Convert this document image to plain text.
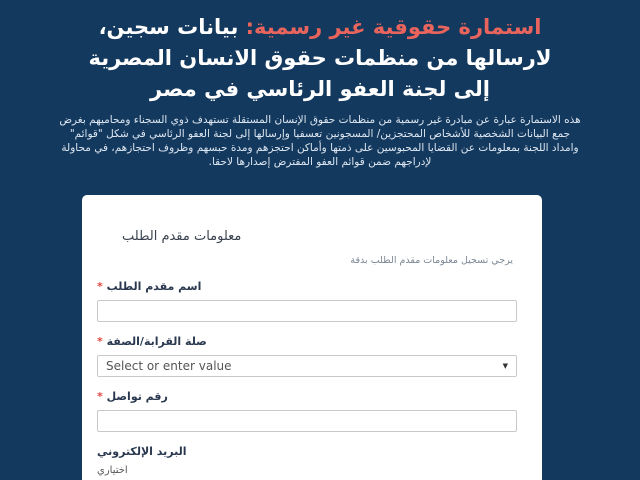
استمارة حقوقية غير رسمية: بيانات سجين، لارسالها من منظمات حقوق الانسان المصرية إلى لجنة العفو الرئاسي في مصر

هذه الاستمارة عبارة عن مبادرة غير رسمية من منظمات حقوق الإنسان المستقلة تستهدف ذوي السجناء ومحاميهم بغرض جمع البيانات الشخصية للأشخاص المحتجزين/ المسجونين تعسفيا وإرسالها إلى لجنة العفو الرئاسي في شكل "قوائم" وامداد اللجنة بمعلومات عن القضايا المحبوسين على ذمتها وأماكن احتجزهم ومدة حبسهم وظروف احتجازهم، في محاولة لإدراجهم ضمن قوائم العفو المفترض إصدارها لاحقا.

معلومات مقدم الطلب

يرجي تسجيل معلومات مقدم الطلب بدقة

اسم مقدم الطلب *
صلة القرابة/الصفة *
Select or enter value	▼
رقم تواصل *
البريد الإلكتروني

اختياري
